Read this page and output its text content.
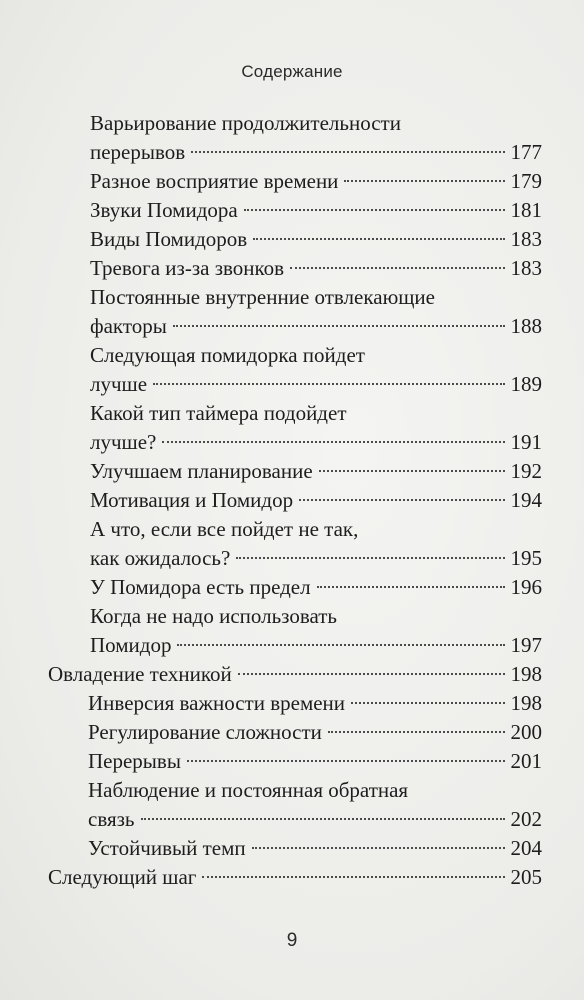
Содержание
Варьирование продолжительности
перерывов	177
Разное восприятие времени	179
Звуки Помидора	181
Виды Помидоров	183
Тревога из-за звонков	183
Постоянные внутренние отвлекающие
факторы	188
Следующая помидорка пойдет
лучше	189
Какой тип таймера подойдет
лучше?	191
Улучшаем планирование	192
Мотивация и Помидор	194
А что, если все пойдет не так,
как ожидалось?	195
У Помидора есть предел	196
Когда не надо использовать
Помидор	197
Овладение техникой	198
Инверсия важности времени	198
Регулирование сложности	200
Перерывы	201
Наблюдение и постоянная обратная
связь	202
Устойчивый темп	204
Следующий шаг	205
9
